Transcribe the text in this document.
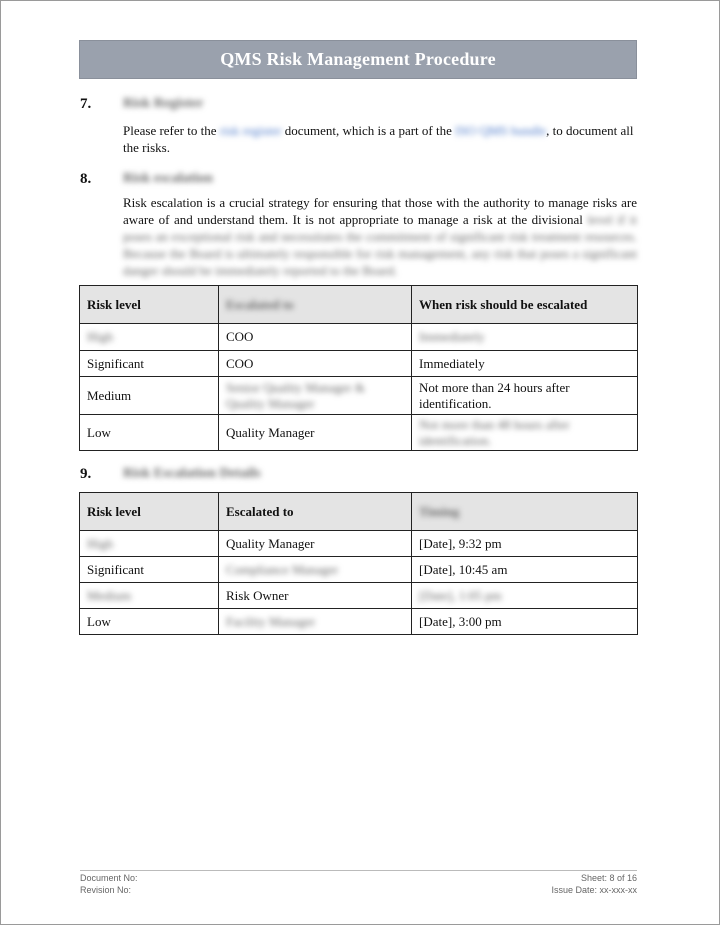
QMS Risk Management Procedure
7. Risk Register
Please refer to the risk register document, which is a part of the ISO QMS bundle, to document all the risks.
8. Risk escalation
Risk escalation is a crucial strategy for ensuring that those with the authority to manage risks are aware of and understand them. It is not appropriate to manage a risk at the divisional level if it poses an exceptional risk and necessitates the commitment of significant risk treatment resources. Because the Board is ultimately responsible for risk management, any risk that poses a significant danger should be immediately reported to the Board.
Risk level	Escalated to	When risk should be escalated
High	COO	Immediately
Significant	COO	Immediately
Medium	Senior Quality Manager & Quality Manager	Not more than 24 hours after identification.
Low	Quality Manager	Not more than 48 hours after identification.
9. Risk Escalation Details
Risk level	Escalated to	Timing
High	Quality Manager	[Date], 9:32 pm
Significant	Compliance Manager	[Date], 10:45 am
Medium	Risk Owner	[Date], 1:05 pm
Low	Facility Manager	[Date], 3:00 pm
Document No:	Sheet: 8 of 16
Revision No:	Issue Date: xx-xxx-xx
